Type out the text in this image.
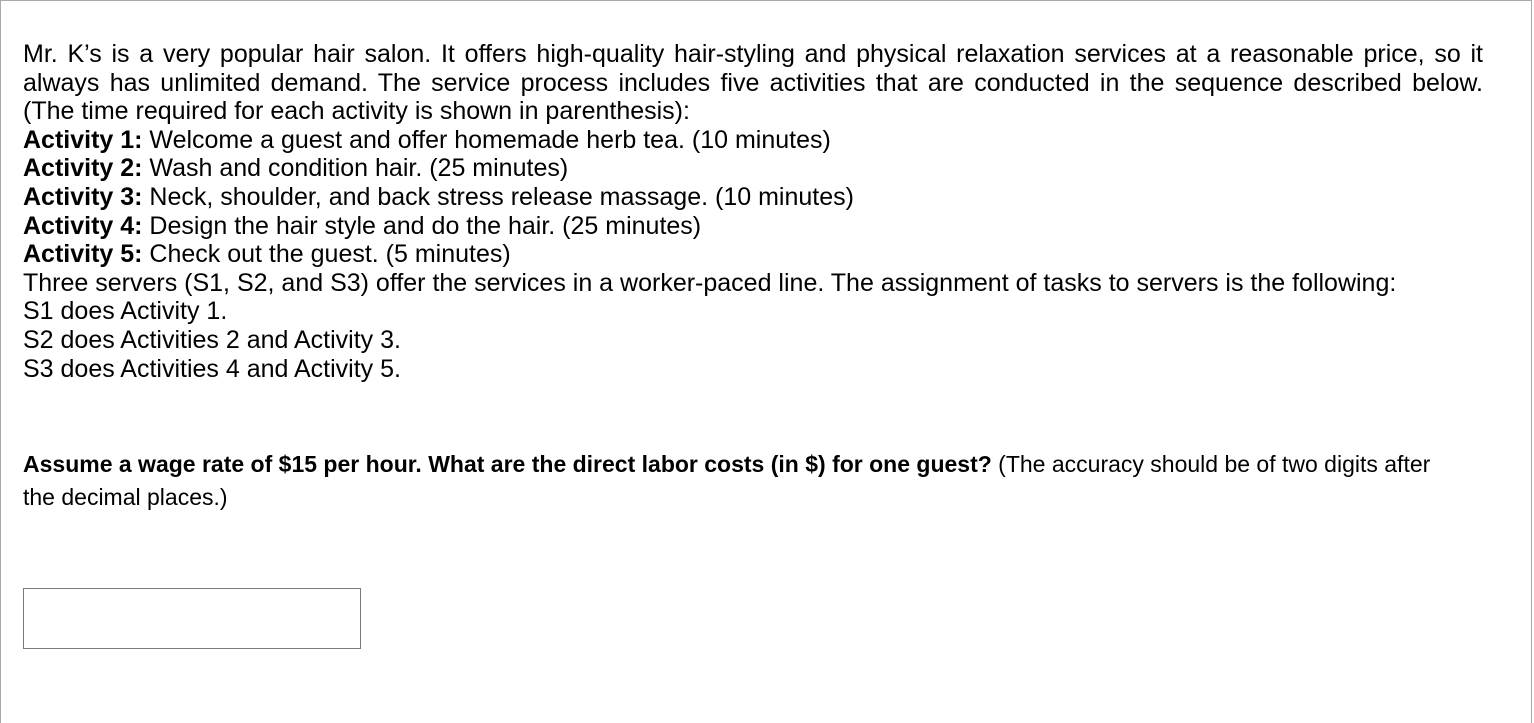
Mr. K’s is a very popular hair salon. It offers high-quality hair-styling and physical relaxation services at a reasonable price, so it always has unlimited demand. The service process includes five activities that are conducted in the sequence described below. (The time required for each activity is shown in parenthesis):

Activity 1: Welcome a guest and offer homemade herb tea. (10 minutes)

Activity 2: Wash and condition hair. (25 minutes)

Activity 3: Neck, shoulder, and back stress release massage. (10 minutes)

Activity 4: Design the hair style and do the hair. (25 minutes)

Activity 5: Check out the guest. (5 minutes)

Three servers (S1, S2, and S3) offer the services in a worker-paced line. The assignment of tasks to servers is the following:

S1 does Activity 1.

S2 does Activities 2 and Activity 3.

S3 does Activities 4 and Activity 5.

Assume a wage rate of $15 per hour. What are the direct labor costs (in $) for one guest? (The accuracy should be of two digits after the decimal places.)
